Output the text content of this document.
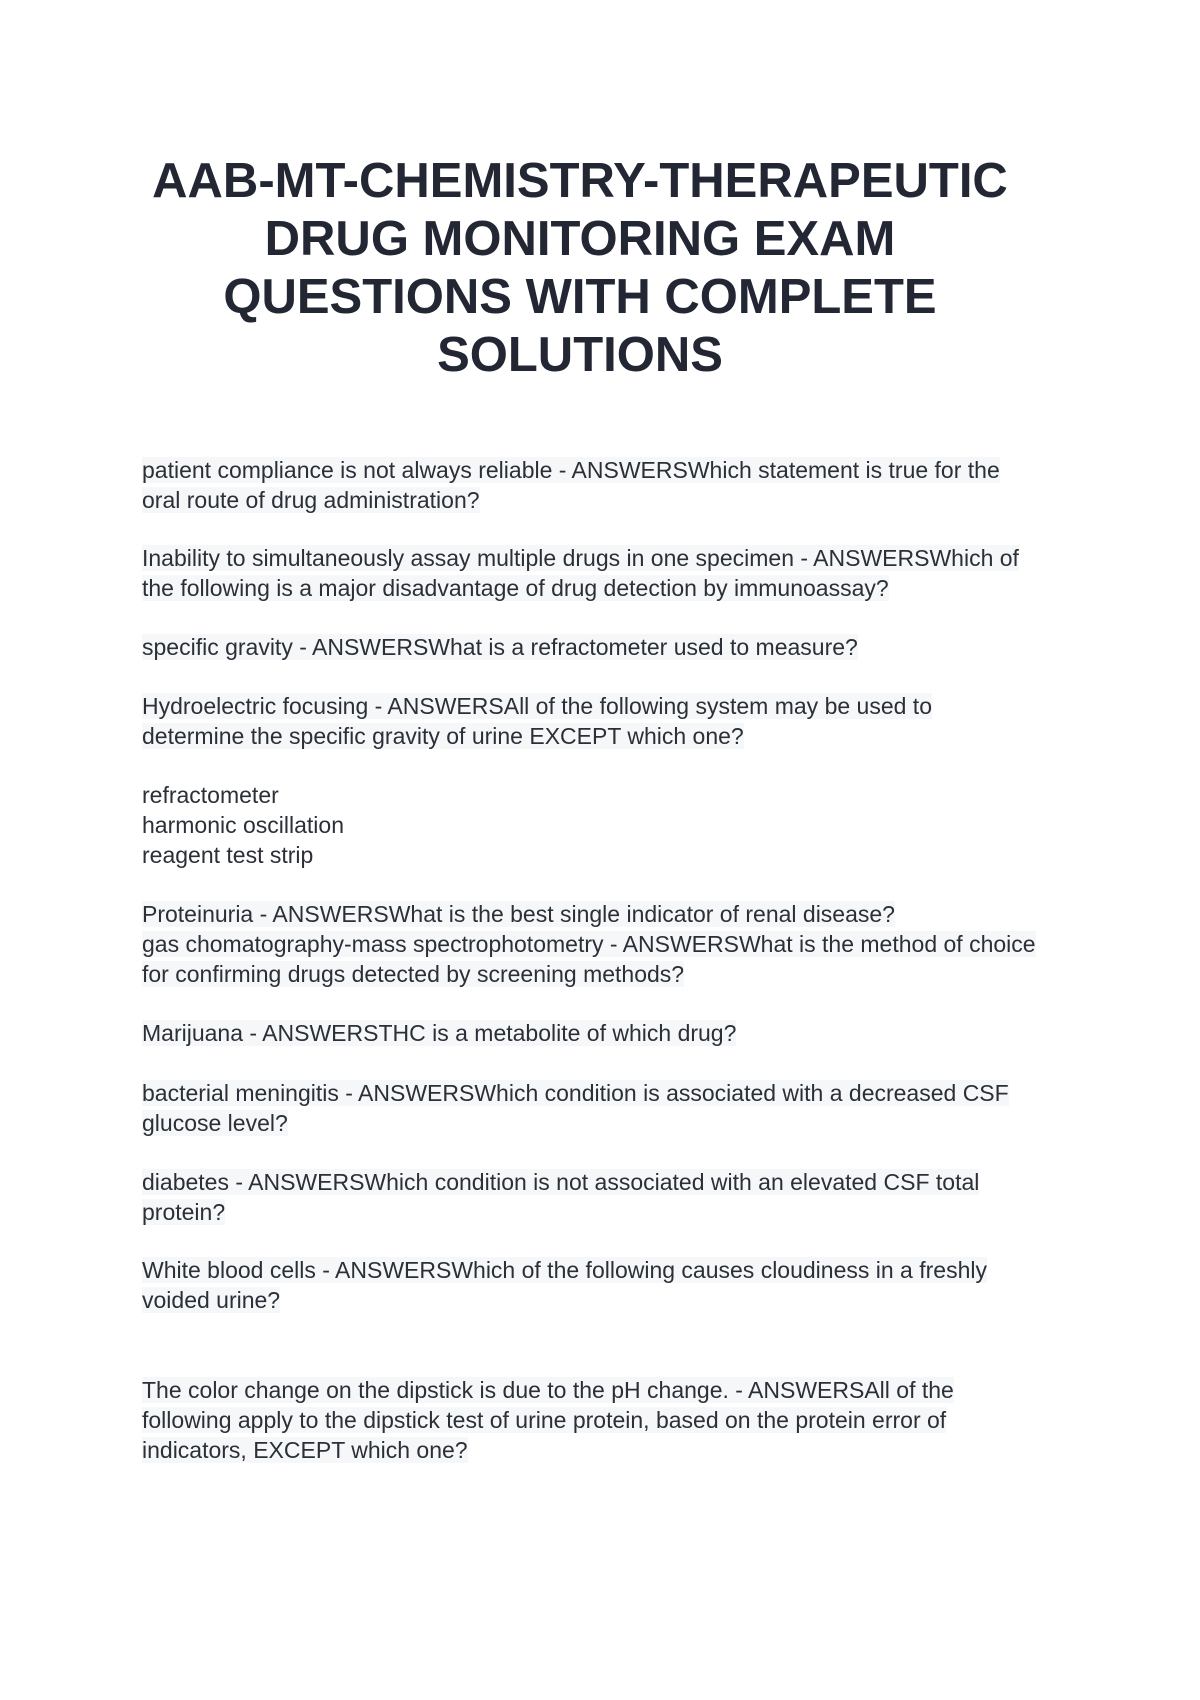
AAB-MT-CHEMISTRY-THERAPEUTIC
DRUG MONITORING EXAM
QUESTIONS WITH COMPLETE
SOLUTIONS
patient compliance is not always reliable - ANSWERSWhich statement is true for the
oral route of drug administration?
Inability to simultaneously assay multiple drugs in one specimen - ANSWERSWhich of
the following is a major disadvantage of drug detection by immunoassay?
specific gravity - ANSWERSWhat is a refractometer used to measure?
Hydroelectric focusing - ANSWERSAll of the following system may be used to
determine the specific gravity of urine EXCEPT which one?
refractometer
harmonic oscillation
reagent test strip
Proteinuria - ANSWERSWhat is the best single indicator of renal disease?
gas chomatography-mass spectrophotometry - ANSWERSWhat is the method of choice
for confirming drugs detected by screening methods?
Marijuana - ANSWERSTHC is a metabolite of which drug?
bacterial meningitis - ANSWERSWhich condition is associated with a decreased CSF
glucose level?
diabetes - ANSWERSWhich condition is not associated with an elevated CSF total
protein?
White blood cells - ANSWERSWhich of the following causes cloudiness in a freshly
voided urine?
The color change on the dipstick is due to the pH change. - ANSWERSAll of the
following apply to the dipstick test of urine protein, based on the protein error of
indicators, EXCEPT which one?
